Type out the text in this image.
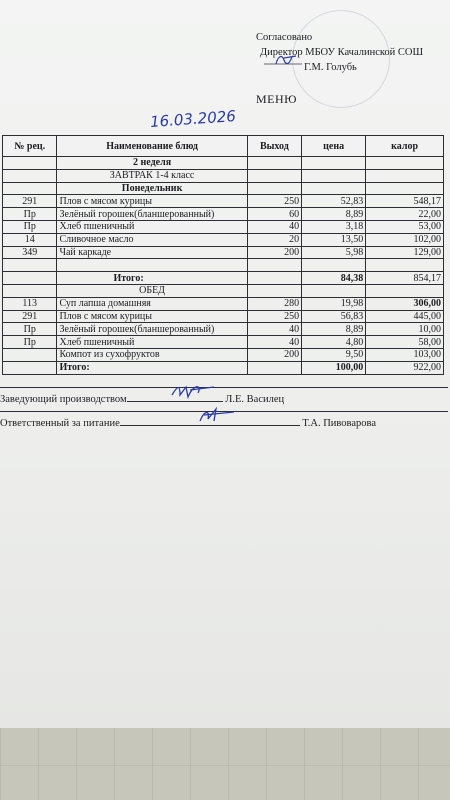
Согласовано
Директор МБОУ Качалинской СОШ
Г.М. Голубь
МЕНЮ
16.03.2026
№ рец.	Наименование блюд	Выход	цена	калор
	2 неделя			
	ЗАВТРАК 1-4 класс			
	Понедельник			
291	Плов с мясом курицы	250	52,83	548,17
Пр	Зелёный горошек(бланшерованный)	60	8,89	22,00
Пр	Хлеб пшеничный	40	3,18	53,00
14	Сливочное масло	20	13,50	102,00
349	Чай каркаде	200	5,98	129,00

	Итого:		84,38	854,17
	ОБЕД			
113	Суп лапша домашняя	280	19,98	306,00
291	Плов с мясом курицы	250	56,83	445,00
Пр	Зелёный горошек(бланшерованный)	40	8,89	10,00
Пр	Хлеб пшеничный	40	4,80	58,00
	Компот из сухофруктов	200	9,50	103,00
	Итого:		100,00	922,00
Заведующий производством	Л.Е. Василец
Ответственный за питание	Т.А. Пивоварова
